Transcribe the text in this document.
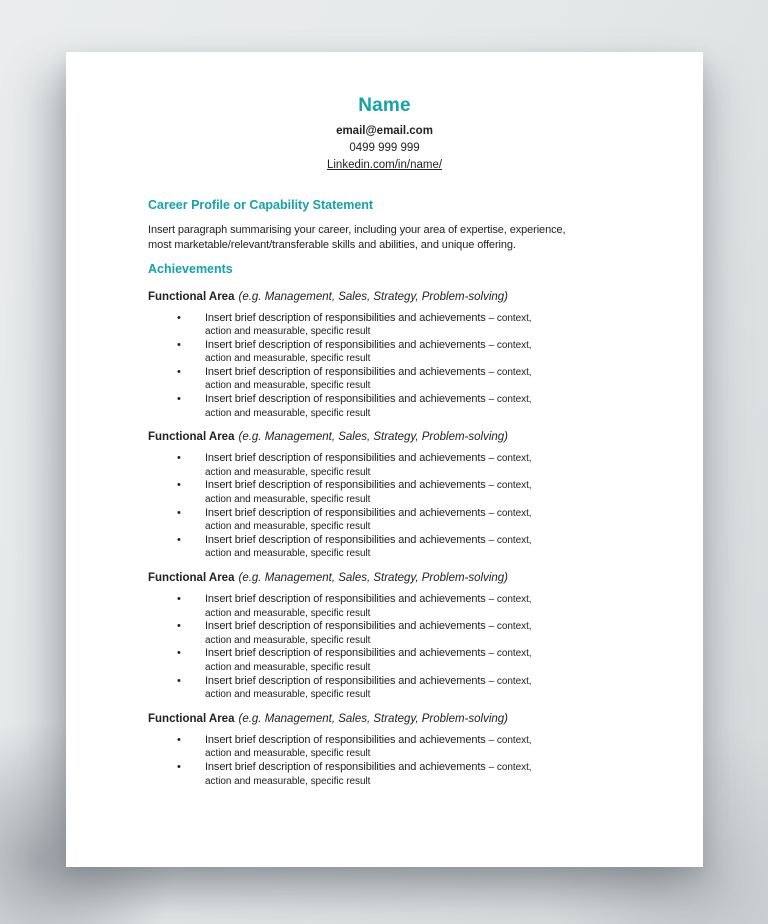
Name
email@email.com
0499 999 999
Linkedin.com/in/name/
Career Profile or Capability Statement
Insert paragraph summarising your career, including your area of expertise, experience,
most marketable/relevant/transferable skills and abilities, and unique offering.
Achievements
Functional Area (e.g. Management, Sales, Strategy, Problem-solving)
•	Insert brief description of responsibilities and achievements – context,
action and measurable, specific result
•	Insert brief description of responsibilities and achievements – context,
action and measurable, specific result
•	Insert brief description of responsibilities and achievements – context,
action and measurable, specific result
•	Insert brief description of responsibilities and achievements – context,
action and measurable, specific result
Functional Area (e.g. Management, Sales, Strategy, Problem-solving)
•	Insert brief description of responsibilities and achievements – context,
action and measurable, specific result
•	Insert brief description of responsibilities and achievements – context,
action and measurable, specific result
•	Insert brief description of responsibilities and achievements – context,
action and measurable, specific result
•	Insert brief description of responsibilities and achievements – context,
action and measurable, specific result
Functional Area (e.g. Management, Sales, Strategy, Problem-solving)
•	Insert brief description of responsibilities and achievements – context,
action and measurable, specific result
•	Insert brief description of responsibilities and achievements – context,
action and measurable, specific result
•	Insert brief description of responsibilities and achievements – context,
action and measurable, specific result
•	Insert brief description of responsibilities and achievements – context,
action and measurable, specific result
Functional Area (e.g. Management, Sales, Strategy, Problem-solving)
•	Insert brief description of responsibilities and achievements – context,
action and measurable, specific result
•	Insert brief description of responsibilities and achievements – context,
action and measurable, specific result
